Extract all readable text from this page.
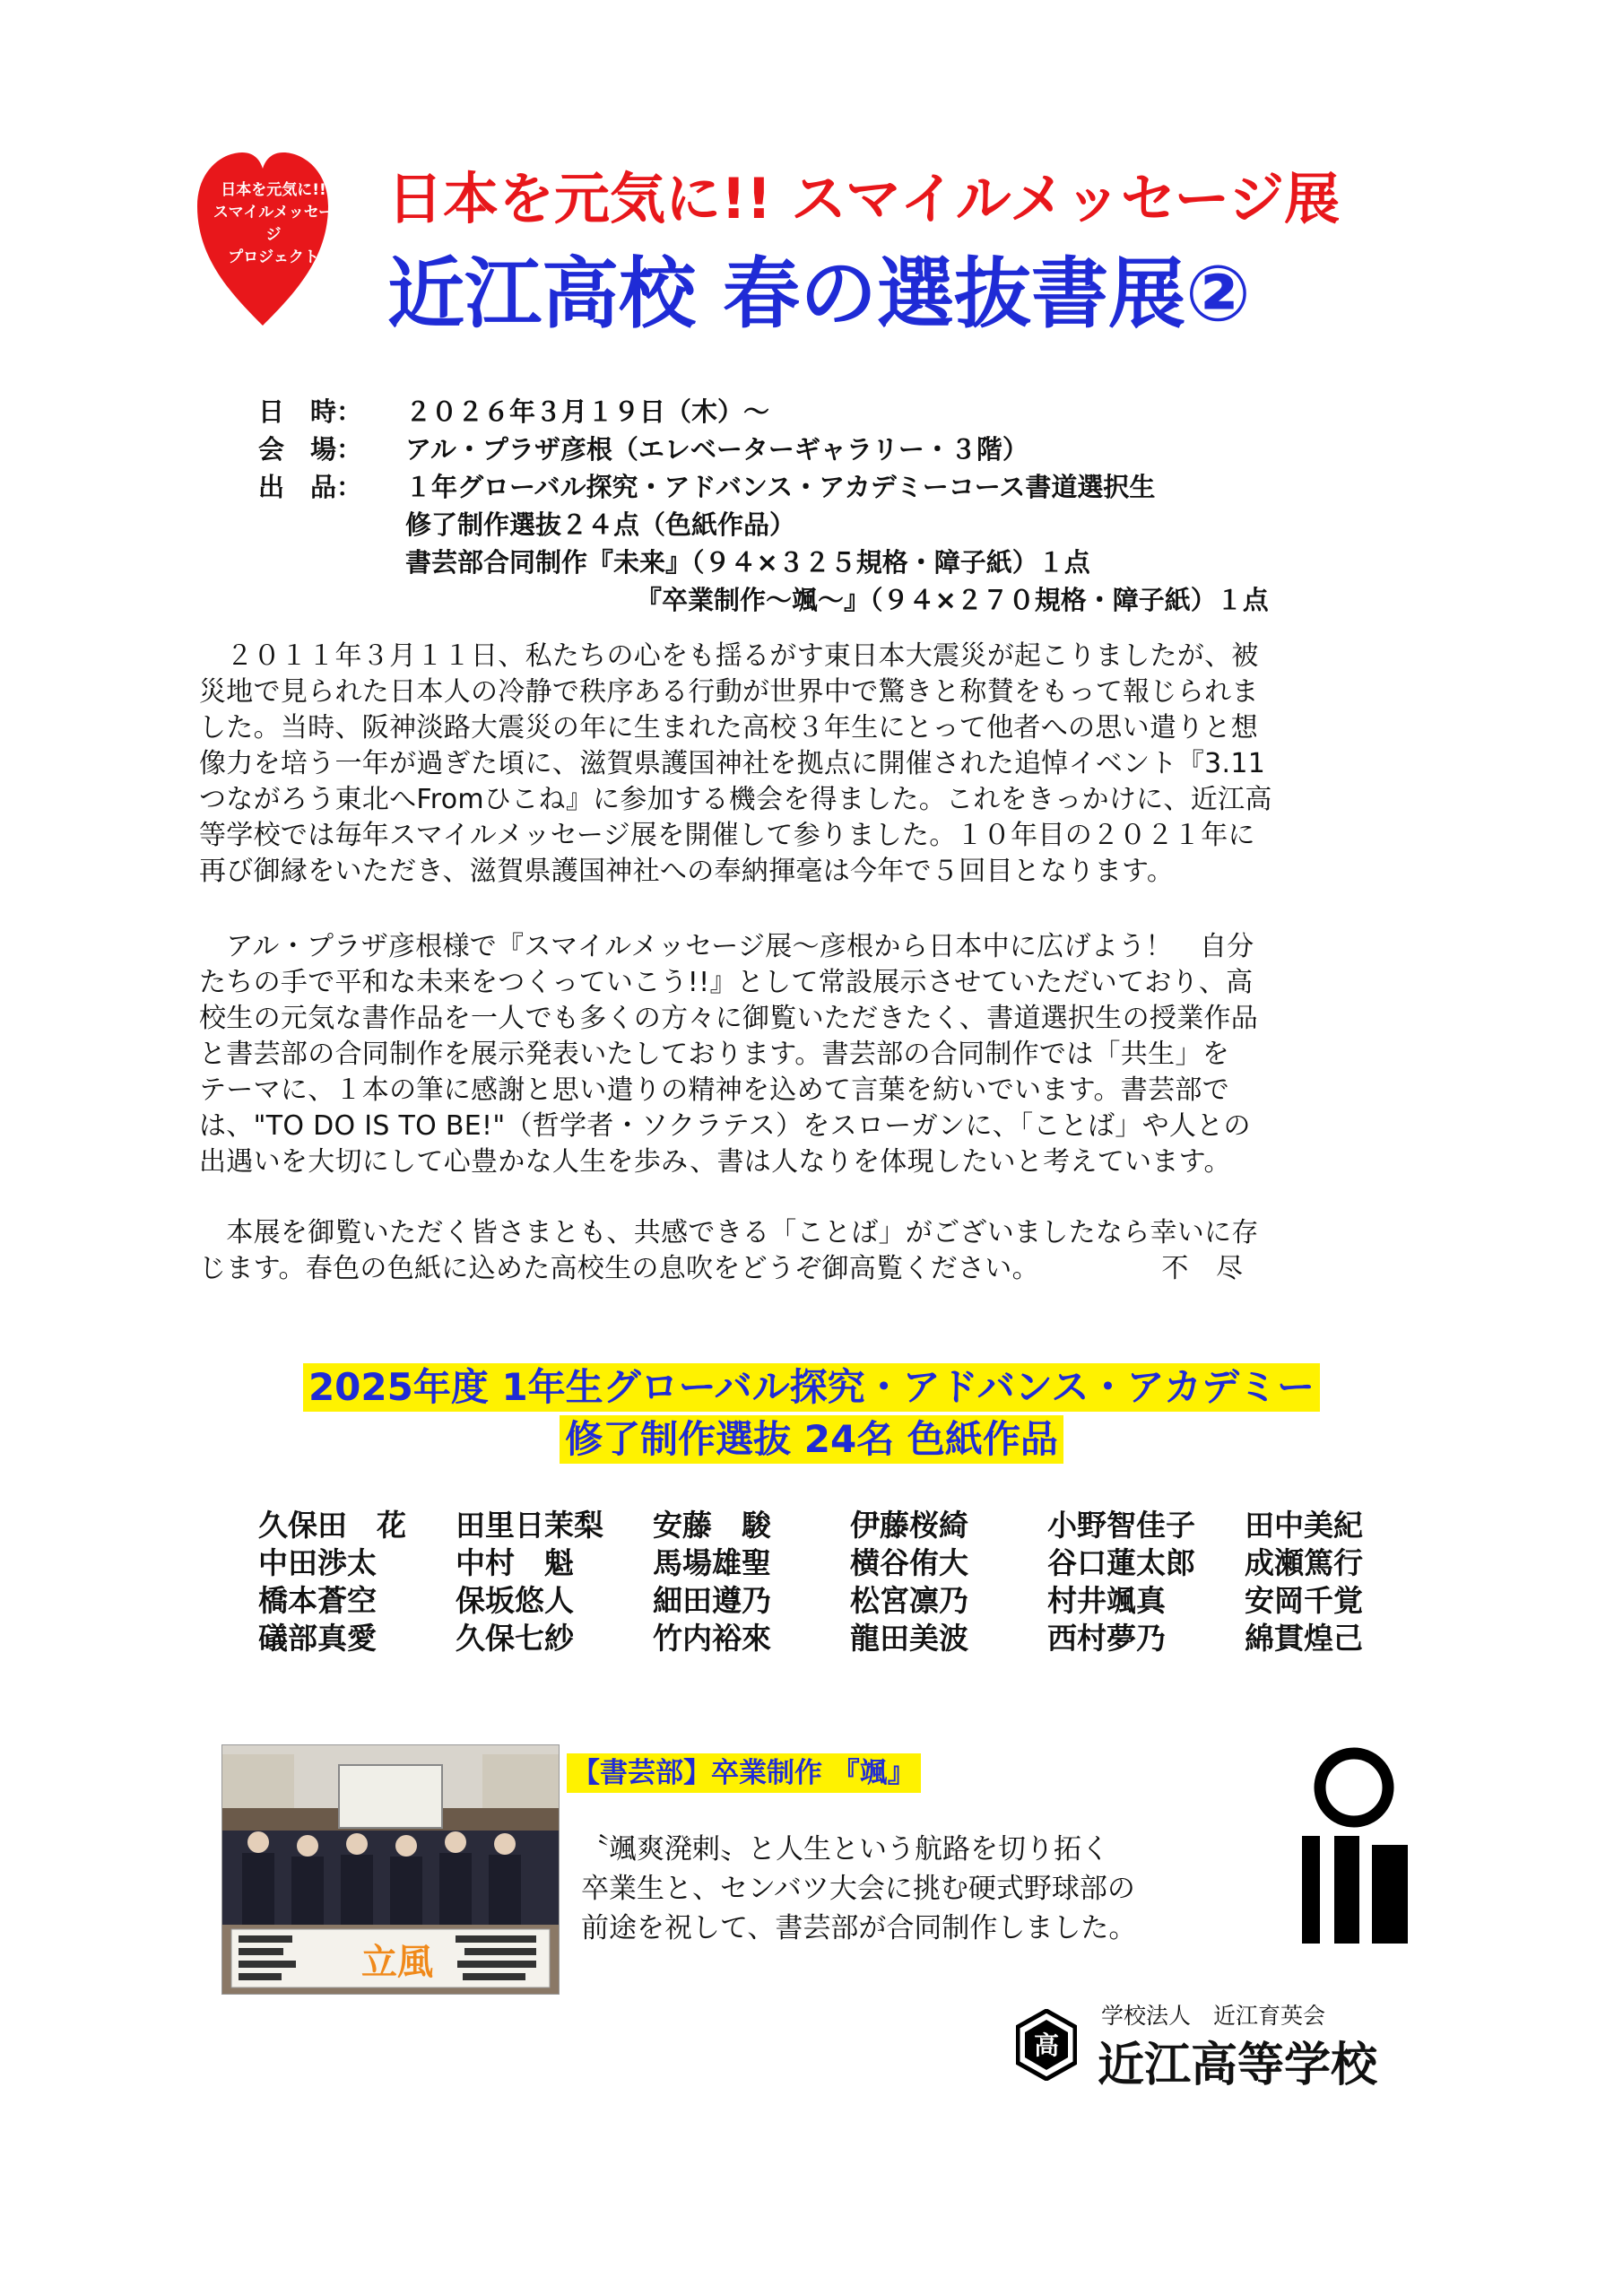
日本を元気に!!
スマイルメッセージ
プロジェクト
日本を元気に!! スマイルメッセージ展
近江高校 春の選抜書展②
日　時：	２０２６年３月１９日（木）～
会　場：	アル・プラザ彦根（エレベーターギャラリー・３階）
出　品：	１年グローバル探究・アドバンス・アカデミーコース書道選択生
修了制作選抜２４点（色紙作品）
書芸部合同制作『未来』（９４×３２５規格・障子紙）１点
『卒業制作～颯～』（９４×２７０規格・障子紙）１点
　２０１１年３月１１日、私たちの心をも揺るがす東日本大震災が起こりましたが、被
災地で見られた日本人の冷静で秩序ある行動が世界中で驚きと称賛をもって報じられま
した。当時、阪神淡路大震災の年に生まれた高校３年生にとって他者への思い遣りと想
像力を培う一年が過ぎた頃に、滋賀県護国神社を拠点に開催された追悼イベント『3.11
つながろう東北へFromひこね』に参加する機会を得ました。これをきっかけに、近江高
等学校では毎年スマイルメッセージ展を開催して参りました。１０年目の２０２１年に
再び御縁をいただき、滋賀県護国神社への奉納揮毫は今年で５回目となります。
　アル・プラザ彦根様で『スマイルメッセージ展～彦根から日本中に広げよう！　自分
たちの手で平和な未来をつくっていこう!!』として常設展示させていただいており、高
校生の元気な書作品を一人でも多くの方々に御覧いただきたく、書道選択生の授業作品
と書芸部の合同制作を展示発表いたしております。書芸部の合同制作では「共生」を
テーマに、１本の筆に感謝と思い遣りの精神を込めて言葉を紡いでいます。書芸部で
は、"TO DO IS TO BE!"（哲学者・ソクラテス）をスローガンに、「ことば」や人との
出遇いを大切にして心豊かな人生を歩み、書は人なりを体現したいと考えています。
　本展を御覧いただく皆さまとも、共感できる「ことば」がございましたなら幸いに存
じます。春色の色紙に込めた高校生の息吹をどうぞ御高覧ください。　　　　　不　尽
2025年度 1年生グローバル探究・アドバンス・アカデミー
修了制作選抜 24名 色紙作品
久保田　花	田里日茉梨	安藤　駿	伊藤桜綺	小野智佳子	田中美紀
中田渉太	中村　魁	馬場雄聖	横谷侑大	谷口蓮太郎	成瀬篤行
橋本蒼空	保坂悠人	細田遵乃	松宮凛乃	村井颯真	安岡千覚
礒部真愛	久保七紗	竹内裕來	龍田美波	西村夢乃	綿貫煌己
立風
【書芸部】卒業制作 『颯』
〝颯爽溌剌〟と人生という航路を切り拓く
卒業生と、センバツ大会に挑む硬式野球部の
前途を祝して、書芸部が合同制作しました。
高
学校法人　近江育英会
近江高等学校
